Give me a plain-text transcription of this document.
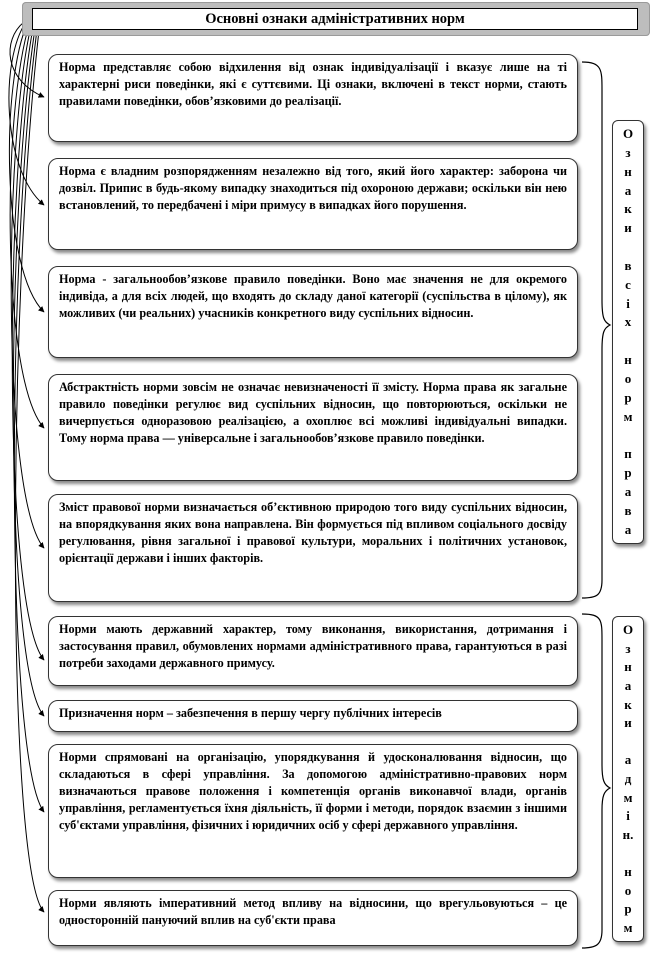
Основні ознаки адміністративних норм
Норма представляє собою відхилення від ознак індивідуалізації і вказує лише на ті характерні риси поведінки, які є суттєвими. Ці ознаки, включені в текст норми, стають правилами поведінки, обов’язковими до реалізації.
Норма є владним розпорядженням незалежно від того, який його характер: заборона чи дозвіл. Припис в будь-якому випадку знаходиться під охороною держави; оскільки він нею встановлений, то передбачені і міри примусу в випадках його порушення.
Норма - загальнообов’язкове правило поведінки. Воно має значення не для окремого індивіда, а для всіх людей, що входять до складу даної категорії (суспільства в цілому), як можливих (чи реальних) учасників конкретного виду суспільних відносин.
Абстрактність норми зовсім не означає невизначеності її змісту. Норма права як загальне правило поведінки регулює вид суспільних відносин, що повторюються, оскільки не вичерпується одноразовою реалізацією, а охоплює всі можливі індивідуальні випадки. Тому норма права — універсальне і загальнообов’язкове правило поведінки.
Зміст правової норми визначається об’єктивною природою того виду суспільних відносин, на впорядкування яких вона направлена. Він формується під впливом соціального досвіду регулювання, рівня загальної і правової культури, моральних і політичних установок, орієнтації держави і інших факторів.
Норми мають державний характер, тому виконання, використання, дотримання і застосування правил, обумовлених нормами адміністративного права, гарантуються в разі потреби заходами державного примусу.
Призначення норм – забезпечення в першу чергу публічних інтересів
Норми спрямовані на організацію, упорядкування й удосконалювання відносин, що складаються в сфері управління. За допомогою адміністративно-правових норм визначаються правове положення і компетенція органів виконавчої влади, органів управління, регламентується їхня діяльність, її форми і методи, порядок взаємин з іншими суб'єктами управління, фізичних і юридичних осіб у сфері державного управління.
Норми являють імперативний метод впливу на відносини, що врегульовуються – це односторонній пануючий вплив на суб'єкти права
О
з
н
а
к
и
в
с
і
х
н
о
р
м
п
р
а
в
а
О
з
н
а
к
и
а
д
м
і
н.
н
о
р
м
